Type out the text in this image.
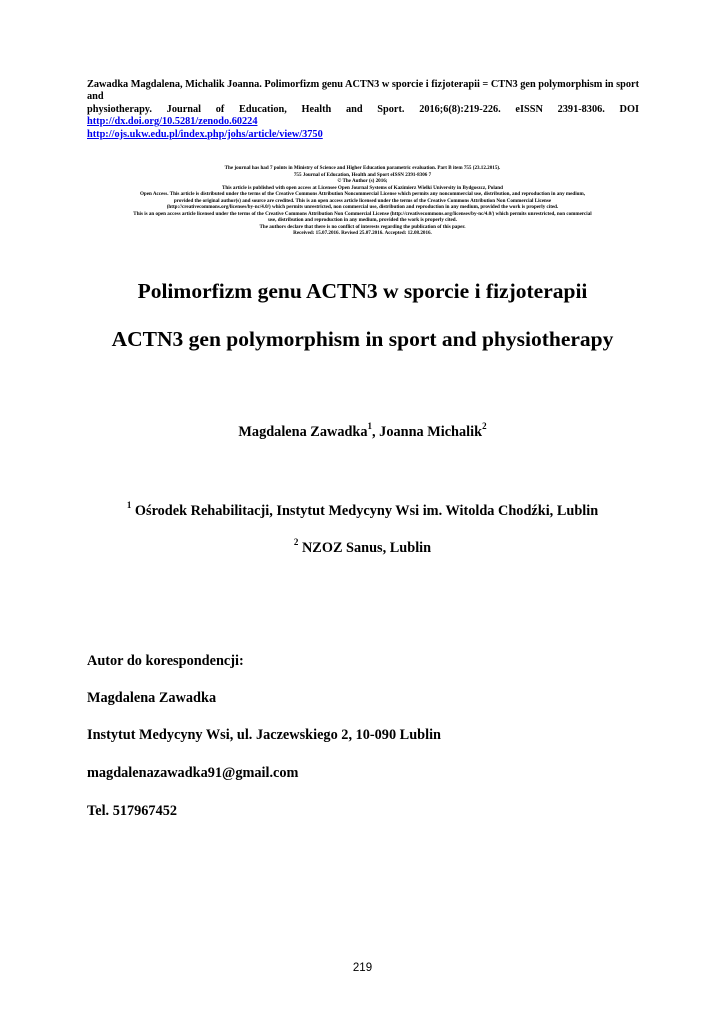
Zawadka Magdalena, Michalik Joanna. Polimorfizm genu ACTN3 w sporcie i fizjoterapii = CTN3 gen polymorphism in sport and
physiotherapy. Journal of Education, Health and Sport. 2016;6(8):219-226. eISSN 2391-8306. DOI
http://dx.doi.org/10.5281/zenodo.60224
http://ojs.ukw.edu.pl/index.php/johs/article/view/3750
The journal has had 7 points in Ministry of Science and Higher Education parametric evaluation. Part B item 755 (23.12.2015).
755 Journal of Education, Health and Sport eISSN 2391-8306 7
© The Author (s) 2016;
This article is published with open access at Licensee Open Journal Systems of Kazimierz Wielki University in Bydgoszcz, Poland
Open Access. This article is distributed under the terms of the Creative Commons Attribution Noncommercial License which permits any noncommercial use, distribution, and reproduction in any medium,
provided the original author(s) and source are credited. This is an open access article licensed under the terms of the Creative Commons Attribution Non Commercial License
(http://creativecommons.org/licenses/by-nc/4.0/) which permits unrestricted, non commercial use, distribution and reproduction in any medium, provided the work is properly cited.
This is an open access article licensed under the terms of the Creative Commons Attribution Non Commercial License (http://creativecommons.org/licenses/by-nc/4.0/) which permits unrestricted, non commercial
use, distribution and reproduction in any medium, provided the work is properly cited.
The authors declare that there is no conflict of interests regarding the publication of this paper.
Received: 15.07.2016. Revised 25.07.2016. Accepted: 12.08.2016.
Polimorfizm genu ACTN3 w sporcie i fizjoterapii
ACTN3 gen polymorphism in sport and physiotherapy
Magdalena Zawadka$^1$, Joanna Michalik$^2$
$^1$ Ośrodek Rehabilitacji, Instytut Medycyny Wsi im. Witolda Chodźki, Lublin
$^2$ NZOZ Sanus, Lublin
Autor do korespondencji:
Magdalena Zawadka
Instytut Medycyny Wsi, ul. Jaczewskiego 2, 10-090 Lublin
magdalenazawadka91@gmail.com
Tel. 517967452
219
